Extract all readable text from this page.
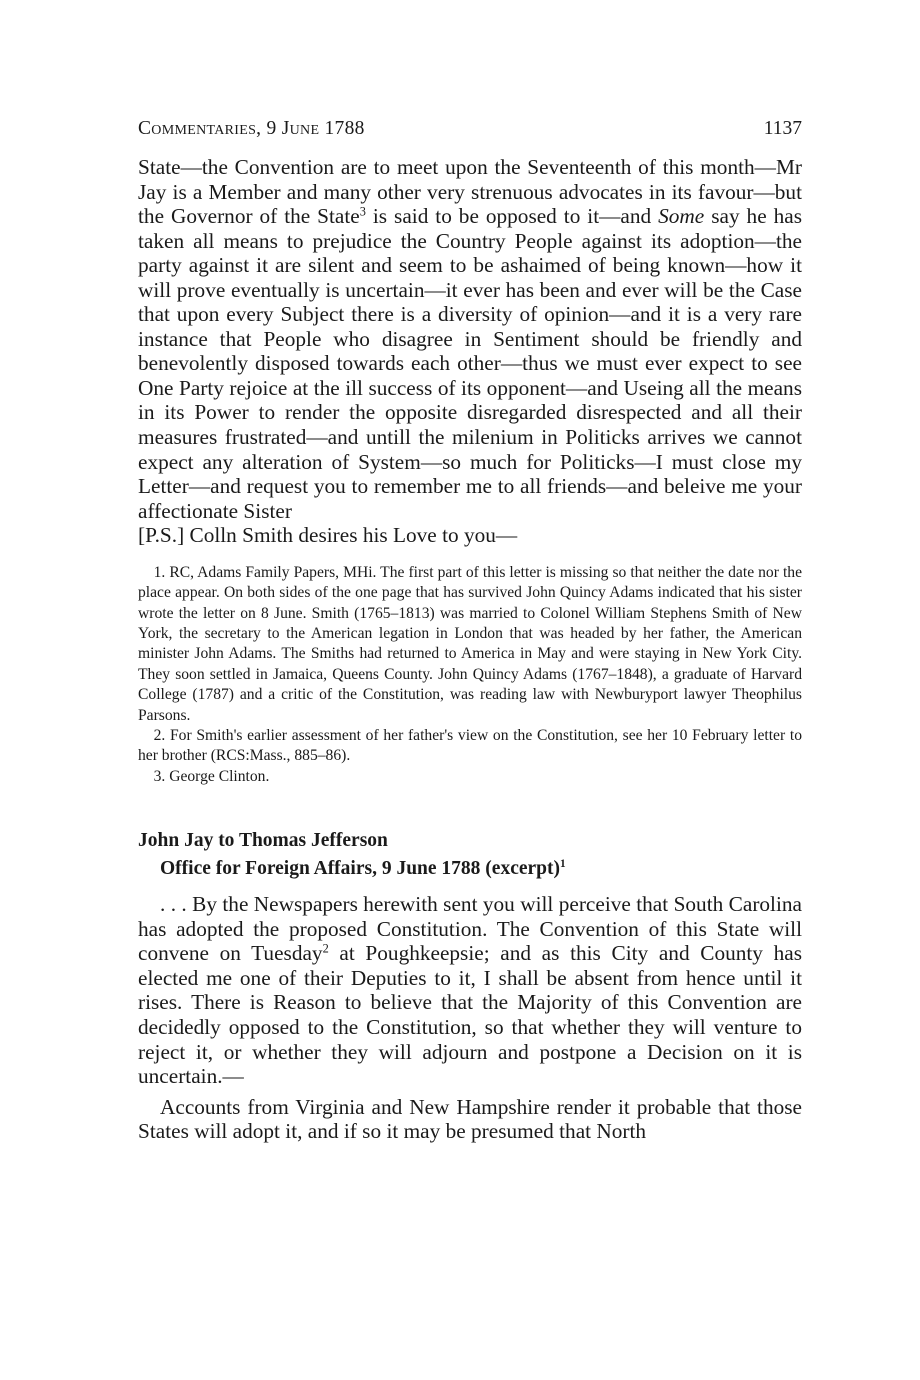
Commentaries, 9 June 1788	1137

State—the Convention are to meet upon the Seventeenth of this month—Mr Jay is a Member and many other very strenuous advocates in its favour—but the Governor of the State$^3$ is said to be opposed to it—and Some say he has taken all means to prejudice the Country People against its adoption—the party against it are silent and seem to be ashaimed of being known—how it will prove eventually is uncertain—it ever has been and ever will be the Case that upon every Subject there is a diversity of opinion—and it is a very rare instance that People who disagree in Sentiment should be friendly and benevolently disposed towards each other—thus we must ever expect to see One Party rejoice at the ill success of its opponent—and Useing all the means in its Power to render the opposite disregarded disrespected and all their measures frustrated—and untill the milenium in Politicks arrives we cannot expect any alteration of System—so much for Politicks—I must close my Letter—and request you to remember me to all friends—and beleive me your affectionate Sister

[P.S.] Colln Smith desires his Love to you—

1. RC, Adams Family Papers, MHi. The first part of this letter is missing so that neither the date nor the place appear. On both sides of the one page that has survived John Quincy Adams indicated that his sister wrote the letter on 8 June. Smith (1765–1813) was married to Colonel William Stephens Smith of New York, the secretary to the American legation in London that was headed by her father, the American minister John Adams. The Smiths had returned to America in May and were staying in New York City. They soon settled in Jamaica, Queens County. John Quincy Adams (1767–1848), a graduate of Harvard College (1787) and a critic of the Constitution, was reading law with Newburyport lawyer Theophilus Parsons.

2. For Smith's earlier assessment of her father's view on the Constitution, see her 10 February letter to her brother (RCS:Mass., 885–86).

3. George Clinton.

John Jay to Thomas Jefferson
Office for Foreign Affairs, 9 June 1788 (excerpt)$^1$

. . . By the Newspapers herewith sent you will perceive that South Carolina has adopted the proposed Constitution. The Convention of this State will convene on Tuesday$^2$ at Poughkeepsie; and as this City and County has elected me one of their Deputies to it, I shall be absent from hence until it rises. There is Reason to believe that the Majority of this Convention are decidedly opposed to the Constitution, so that whether they will venture to reject it, or whether they will adjourn and postpone a Decision on it is uncertain.—

Accounts from Virginia and New Hampshire render it probable that those States will adopt it, and if so it may be presumed that North
